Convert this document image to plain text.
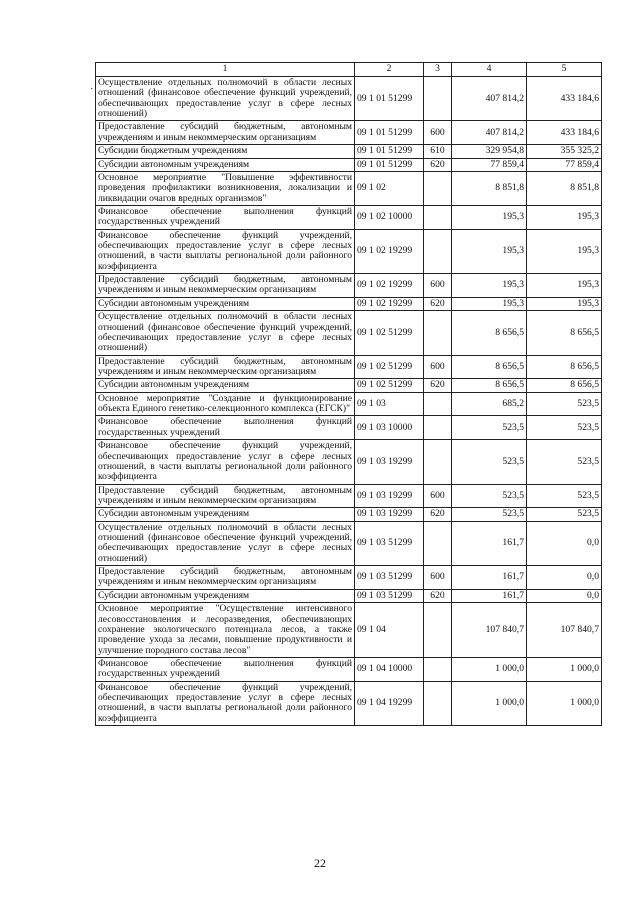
·
1	2	3	4	5
Осуществление отдельных полномочий в области лесных отношений (финансовое обеспечение функций учреждений, обеспечивающих предоставление услуг в сфере лесных отношений)	09 1 01 51299		407 814,2	433 184,6
Предоставление субсидий бюджетным, автономным учреждениям и иным некоммерческим организациям	09 1 01 51299	600	407 814,2	433 184,6
Субсидии бюджетным учреждениям	09 1 01 51299	610	329 954,8	355 325,2
Субсидии автономным учреждениям	09 1 01 51299	620	77 859,4	77 859,4
Основное мероприятие "Повышение эффективности проведения профилактики возникновения, локализации и ликвидации очагов вредных организмов"	09 1 02		8 851,8	8 851,8
Финансовое обеспечение выполнения функций государственных учреждений	09 1 02 10000		195,3	195,3
Финансовое обеспечение функций учреждений, обеспечивающих предоставление услуг в сфере лесных отношений, в части выплаты региональной доли районного коэффициента	09 1 02 19299		195,3	195,3
Предоставление субсидий бюджетным, автономным учреждениям и иным некоммерческим организациям	09 1 02 19299	600	195,3	195,3
Субсидии автономным учреждениям	09 1 02 19299	620	195,3	195,3
Осуществление отдельных полномочий в области лесных отношений (финансовое обеспечение функций учреждений, обеспечивающих предоставление услуг в сфере лесных отношений)	09 1 02 51299		8 656,5	8 656,5
Предоставление субсидий бюджетным, автономным учреждениям и иным некоммерческим организациям	09 1 02 51299	600	8 656,5	8 656,5
Субсидии автономным учреждениям	09 1 02 51299	620	8 656,5	8 656,5
Основное мероприятие "Создание и функционирование объекта Единого генетико-селекционного комплекса (ЕГСК)"	09 1 03		685,2	523,5
Финансовое обеспечение выполнения функций государственных учреждений	09 1 03 10000		523,5	523,5
Финансовое обеспечение функций учреждений, обеспечивающих предоставление услуг в сфере лесных отношений, в части выплаты региональной доли районного коэффициента	09 1 03 19299		523,5	523,5
Предоставление субсидий бюджетным, автономным учреждениям и иным некоммерческим организациям	09 1 03 19299	600	523,5	523,5
Субсидии автономным учреждениям	09 1 03 19299	620	523,5	523,5
Осуществление отдельных полномочий в области лесных отношений (финансовое обеспечение функций учреждений, обеспечивающих предоставление услуг в сфере лесных отношений)	09 1 03 51299		161,7	0,0
Предоставление субсидий бюджетным, автономным учреждениям и иным некоммерческим организациям	09 1 03 51299	600	161,7	0,0
Субсидии автономным учреждениям	09 1 03 51299	620	161,7	0,0
Основное мероприятие "Осуществление интенсивного лесовосстановления и лесоразведения, обеспечивающих сохранение экологического потенциала лесов, а также проведение ухода за лесами, повышение продуктивности и улучшение породного состава лесов"	09 1 04		107 840,7	107 840,7
Финансовое обеспечение выполнения функций государственных учреждений	09 1 04 10000		1 000,0	1 000,0
Финансовое обеспечение функций учреждений, обеспечивающих предоставление услуг в сфере лесных отношений, в части выплаты региональной доли районного коэффициента	09 1 04 19299		1 000,0	1 000,0
22
